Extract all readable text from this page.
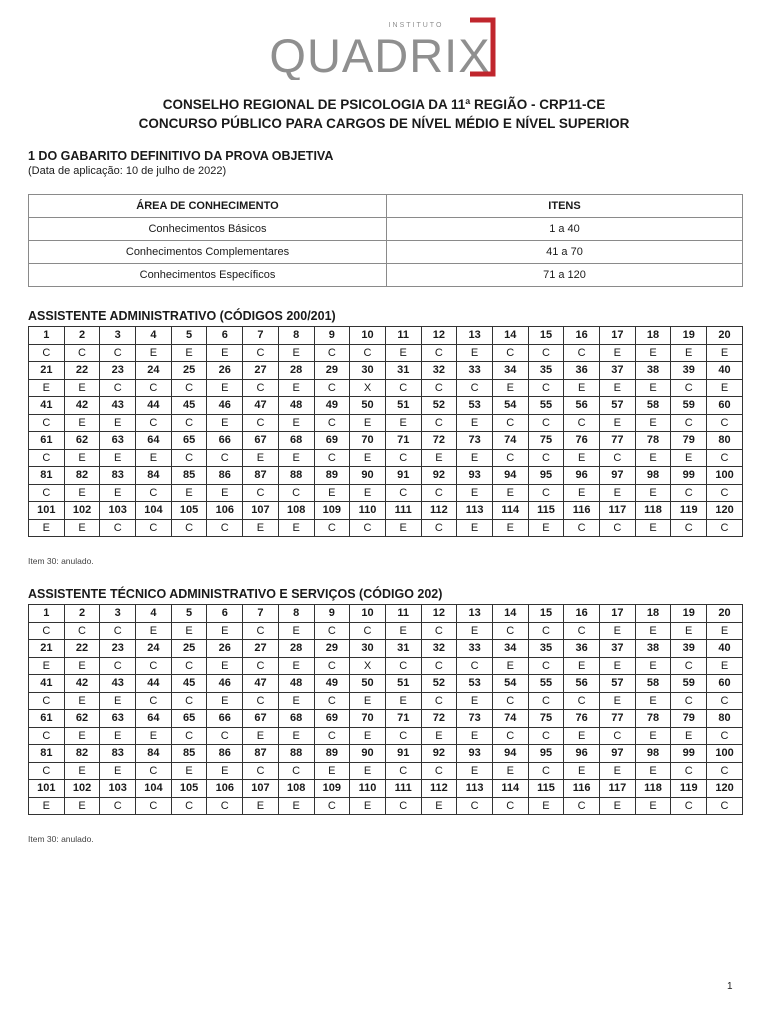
INSTITUTO
QUADRIX
CONSELHO REGIONAL DE PSICOLOGIA DA 11ª REGIÃO - CRP11-CE
CONCURSO PÚBLICO PARA CARGOS DE NÍVEL MÉDIO E NÍVEL SUPERIOR
1 DO GABARITO DEFINITIVO DA PROVA OBJETIVA
(Data de aplicação: 10 de julho de 2022)
ÁREA DE CONHECIMENTO	ITENS
Conhecimentos Básicos	1 a 40
Conhecimentos Complementares	41 a 70
Conhecimentos Específicos	71 a 120
ASSISTENTE ADMINISTRATIVO (CÓDIGOS 200/201)
1	2	3	4	5	6	7	8	9	10	11	12	13	14	15	16	17	18	19	20
C	C	C	E	E	E	C	E	C	C	E	C	E	C	C	C	E	E	E	E
21	22	23	24	25	26	27	28	29	30	31	32	33	34	35	36	37	38	39	40
E	E	C	C	C	E	C	E	C	X	C	C	C	E	C	E	E	E	C	E
41	42	43	44	45	46	47	48	49	50	51	52	53	54	55	56	57	58	59	60
C	E	E	C	C	E	C	E	C	E	E	C	E	C	C	C	E	E	C	C
61	62	63	64	65	66	67	68	69	70	71	72	73	74	75	76	77	78	79	80
C	E	E	E	C	C	E	E	C	E	C	E	E	C	C	E	C	E	E	C
81	82	83	84	85	86	87	88	89	90	91	92	93	94	95	96	97	98	99	100
C	E	E	C	E	E	C	C	E	E	C	C	E	E	C	E	E	E	C	C
101	102	103	104	105	106	107	108	109	110	111	112	113	114	115	116	117	118	119	120
E	E	C	C	C	C	E	E	C	C	E	C	E	E	E	C	C	E	C	C
Item 30: anulado.
ASSISTENTE TÉCNICO ADMINISTRATIVO E SERVIÇOS (CÓDIGO 202)
1	2	3	4	5	6	7	8	9	10	11	12	13	14	15	16	17	18	19	20
C	C	C	E	E	E	C	E	C	C	E	C	E	C	C	C	E	E	E	E
21	22	23	24	25	26	27	28	29	30	31	32	33	34	35	36	37	38	39	40
E	E	C	C	C	E	C	E	C	X	C	C	C	E	C	E	E	E	C	E
41	42	43	44	45	46	47	48	49	50	51	52	53	54	55	56	57	58	59	60
C	E	E	C	C	E	C	E	C	E	E	C	E	C	C	C	E	E	C	C
61	62	63	64	65	66	67	68	69	70	71	72	73	74	75	76	77	78	79	80
C	E	E	E	C	C	E	E	C	E	C	E	E	C	C	E	C	E	E	C
81	82	83	84	85	86	87	88	89	90	91	92	93	94	95	96	97	98	99	100
C	E	E	C	E	E	C	C	E	E	C	C	E	E	C	E	E	E	C	C
101	102	103	104	105	106	107	108	109	110	111	112	113	114	115	116	117	118	119	120
E	E	C	C	C	C	E	E	C	E	C	E	C	C	E	C	E	E	C	C
Item 30: anulado.
1
